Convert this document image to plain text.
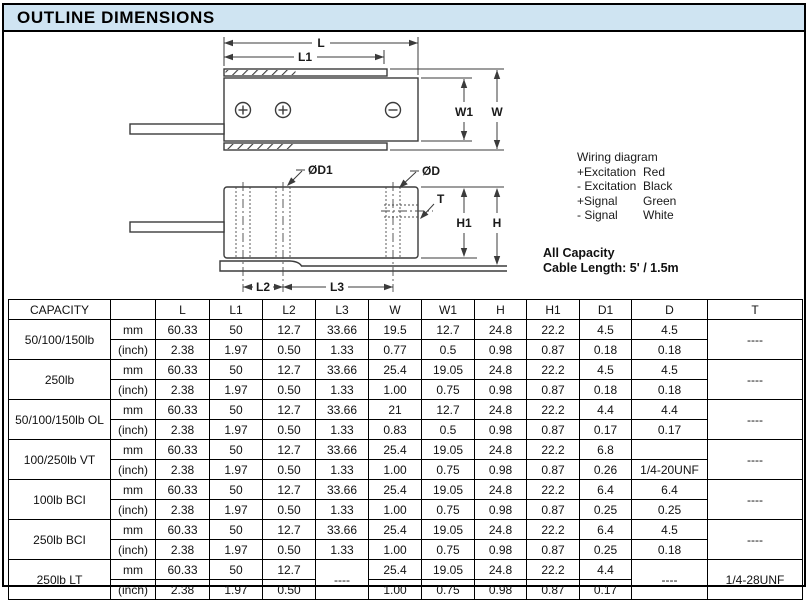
OUTLINE DIMENSIONS
L
L1
W1 W
ØD1	ØD
T
H1 H
L2	L3
Wiring diagram
+Excitation Red
- Excitation Black
+Signal	Green
- Signal	White
All Capacity
Cable Length: 5' / 1.5m
CAPACITY		L	L1	L2	L3	W	W1	H	H1	D1	D	T
50/100/150lb	mm	60.33	50	12.7	33.66	19.5	12.7	24.8	22.2	4.5	4.5	----
	(inch)	2.38	1.97	0.50	1.33	0.77	0.5	0.98	0.87	0.18	0.18	
250lb	mm	60.33	50	12.7	33.66	25.4	19.05	24.8	22.2	4.5	4.5	----
	(inch)	2.38	1.97	0.50	1.33	1.00	0.75	0.98	0.87	0.18	0.18	
50/100/150lb OL	mm	60.33	50	12.7	33.66	21	12.7	24.8	22.2	4.4	4.4	----
	(inch)	2.38	1.97	0.50	1.33	0.83	0.5	0.98	0.87	0.17	0.17	
100/250lb VT	mm	60.33	50	12.7	33.66	25.4	19.05	24.8	22.2	6.8		----
	(inch)	2.38	1.97	0.50	1.33	1.00	0.75	0.98	0.87	0.26	1/4-20UNF	
100lb BCI	mm	60.33	50	12.7	33.66	25.4	19.05	24.8	22.2	6.4	6.4	----
	(inch)	2.38	1.97	0.50	1.33	1.00	0.75	0.98	0.87	0.25	0.25	
250lb BCI	mm	60.33	50	12.7	33.66	25.4	19.05	24.8	22.2	6.4	4.5	----
	(inch)	2.38	1.97	0.50	1.33	1.00	0.75	0.98	0.87	0.25	0.18	
250lb LT	mm	60.33	50	12.7	----	25.4	19.05	24.8	22.2	4.4	----	1/4-28UNF
	(inch)	2.38	1.97	0.50		1.00	0.75	0.98	0.87	0.17		
